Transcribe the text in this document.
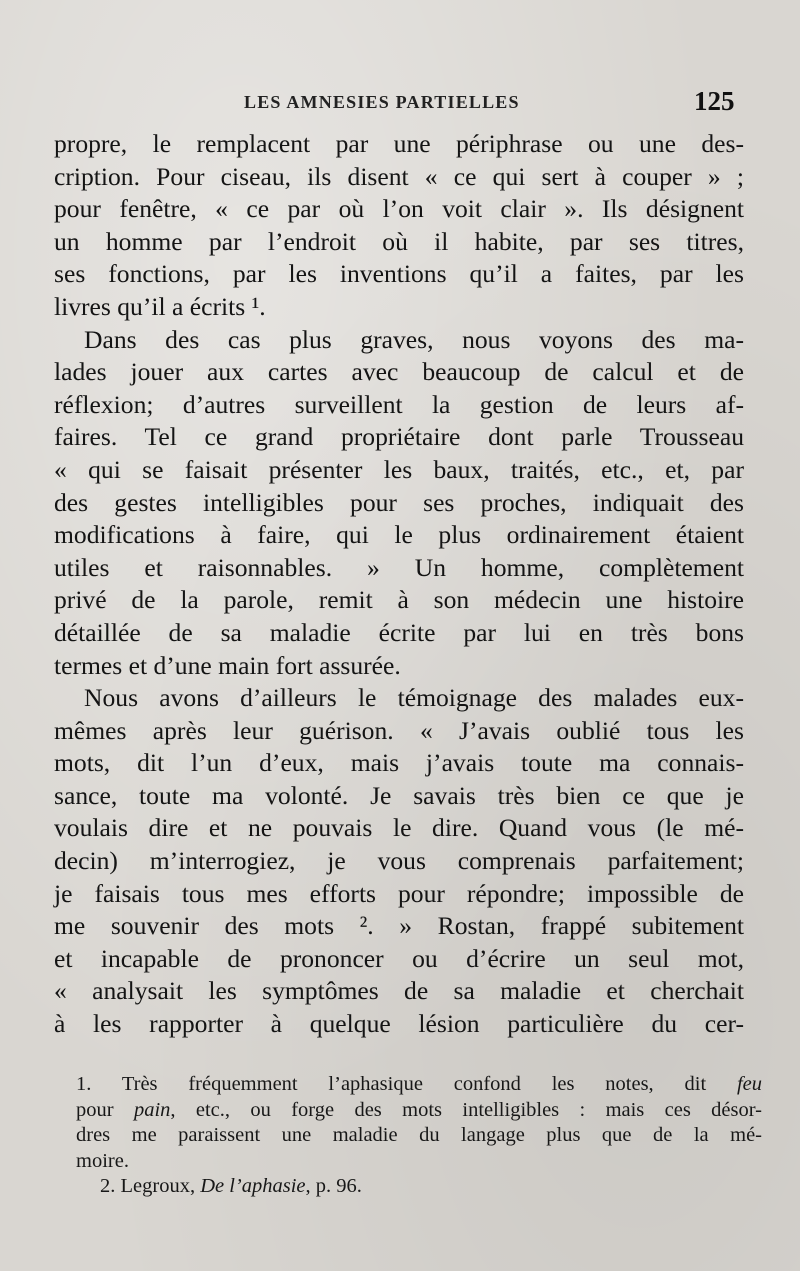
LES AMNESIES PARTIELLES	125
propre, le remplacent par une périphrase ou une des-
cription. Pour ciseau, ils disent « ce qui sert à couper » ;
pour fenêtre, « ce par où l’on voit clair ». Ils désignent
un homme par l’endroit où il habite, par ses titres,
ses fonctions, par les inventions qu’il a faites, par les
livres qu’il a écrits ¹.
Dans des cas plus graves, nous voyons des ma-
lades jouer aux cartes avec beaucoup de calcul et de
réflexion; d’autres surveillent la gestion de leurs af-
faires. Tel ce grand propriétaire dont parle Trousseau
« qui se faisait présenter les baux, traités, etc., et, par
des gestes intelligibles pour ses proches, indiquait des
modifications à faire, qui le plus ordinairement étaient
utiles et raisonnables. » Un homme, complètement
privé de la parole, remit à son médecin une histoire
détaillée de sa maladie écrite par lui en très bons
termes et d’une main fort assurée.
Nous avons d’ailleurs le témoignage des malades eux-
mêmes après leur guérison. « J’avais oublié tous les
mots, dit l’un d’eux, mais j’avais toute ma connais-
sance, toute ma volonté. Je savais très bien ce que je
voulais dire et ne pouvais le dire. Quand vous (le mé-
decin) m’interrogiez, je vous comprenais parfaitement;
je faisais tous mes efforts pour répondre; impossible de
me souvenir des mots ². » Rostan, frappé subitement
et incapable de prononcer ou d’écrire un seul mot,
« analysait les symptômes de sa maladie et cherchait
à les rapporter à quelque lésion particulière du cer-
1. Très fréquemment l’aphasique confond les notes, dit feu
pour pain, etc., ou forge des mots intelligibles : mais ces désor-
dres me paraissent une maladie du langage plus que de la mé-
moire.
2. Legroux, De l’aphasie, p. 96.
